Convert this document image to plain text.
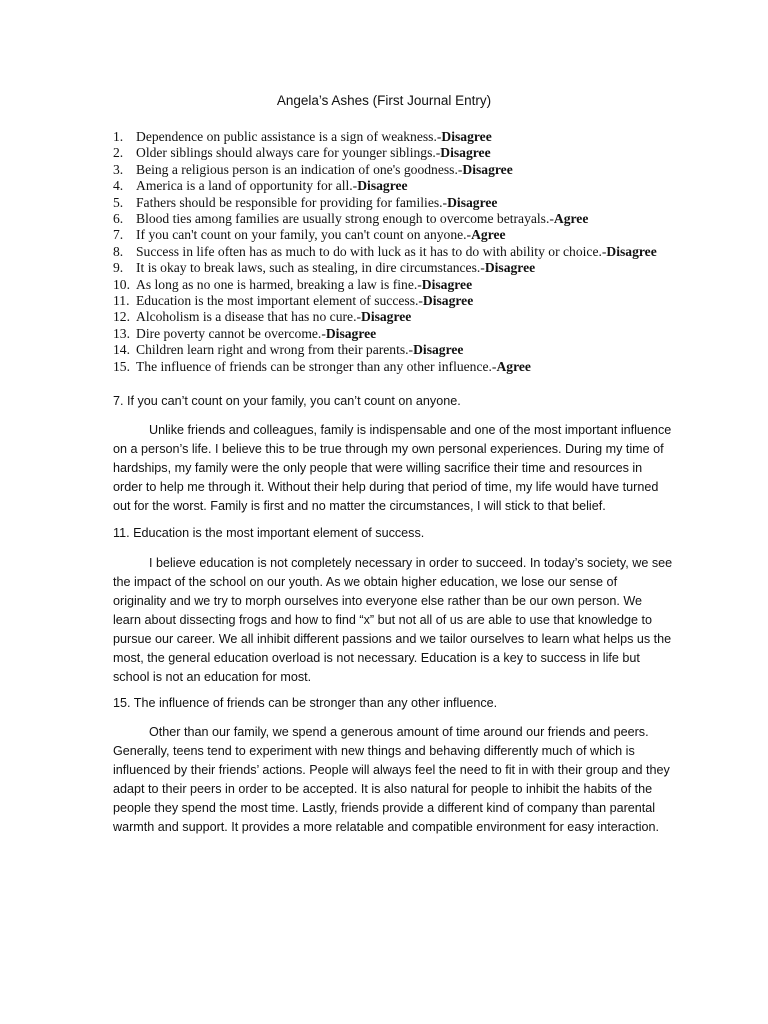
Angela’s Ashes (First Journal Entry)
1. Dependence on public assistance is a sign of weakness.- Disagree
2. Older siblings should always care for younger siblings.- Disagree
3. Being a religious person is an indication of one's goodness.- Disagree
4. America is a land of opportunity for all.- Disagree
5. Fathers should be responsible for providing for families.- Disagree
6. Blood ties among families are usually strong enough to overcome betrayals.- Agree
7. If you can't count on your family, you can't count on anyone.- Agree
8. Success in life often has as much to do with luck as it has to do with ability or choice.- Disagree
9. It is okay to break laws, such as stealing, in dire circumstances.- Disagree
10. As long as no one is harmed, breaking a law is fine.- Disagree
11. Education is the most important element of success.- Disagree
12. Alcoholism is a disease that has no cure.- Disagree
13. Dire poverty cannot be overcome.- Disagree
14. Children learn right and wrong from their parents.- Disagree
15. The influence of friends can be stronger than any other influence.- Agree
7. If you can’t count on your family, you can’t count on anyone.

Unlike friends and colleagues, family is indispensable and one of the most important influence on a person’s life. I believe this to be true through my own personal experiences. During my time of hardships, my family were the only people that were willing sacrifice their time and resources in order to help me through it. Without their help during that period of time, my life would have turned out for the worst. Family is first and no matter the circumstances, I will stick to that belief.

11. Education is the most important element of success.

I believe education is not completely necessary in order to succeed. In today’s society, we see the impact of the school on our youth. As we obtain higher education, we lose our sense of originality and we try to morph ourselves into everyone else rather than be our own person. We learn about dissecting frogs and how to find “x” but not all of us are able to use that knowledge to pursue our career. We all inhibit different passions and we tailor ourselves to learn what helps us the most, the general education overload is not necessary. Education is a key to success in life but school is not an education for most.

15. The influence of friends can be stronger than any other influence.

Other than our family, we spend a generous amount of time around our friends and peers. Generally, teens tend to experiment with new things and behaving differently much of which is influenced by their friends’ actions. People will always feel the need to fit in with their group and they adapt to their peers in order to be accepted. It is also natural for people to inhibit the habits of the people they spend the most time. Lastly, friends provide a different kind of company than parental warmth and support. It provides a more relatable and compatible environment for easy interaction.
